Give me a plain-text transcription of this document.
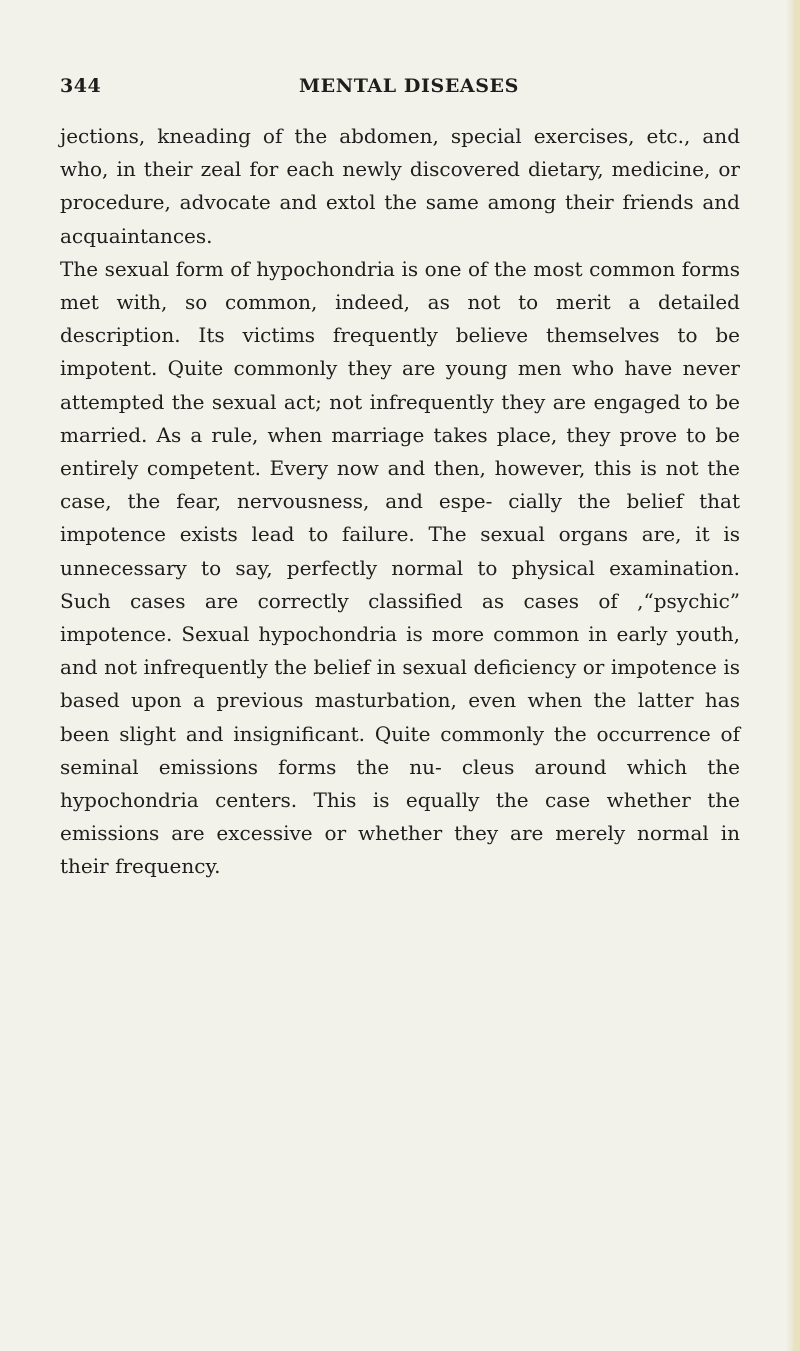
344	MENTAL DISEASES

jections, kneading of the abdomen, special exercises, etc., and who, in their zeal for each newly discovered dietary, medicine, or procedure, advocate and extol the same among their friends and acquaintances.

The sexual form of hypochondria is one of the most common forms met with, so common, indeed, as not to merit a detailed description. Its victims frequently believe themselves to be impotent. Quite commonly they are young men who have never attempted the sexual act; not infrequently they are engaged to be married. As a rule, when marriage takes place, they prove to be entirely competent. Every now and then, however, this is not the case, the fear, nervousness, and espe- cially the belief that impotence exists lead to failure. The sexual organs are, it is unnecessary to say, perfectly normal to physical examination. Such cases are correctly classified as cases of ,“psychic” impotence. Sexual hypochondria is more common in early youth, and not infrequently the belief in sexual deficiency or impotence is based upon a previous masturbation, even when the latter has been slight and insignificant. Quite commonly the occurrence of seminal emissions forms the nu- cleus around which the hypochondria centers. This is equally the case whether the emissions are excessive or whether they are merely normal in their frequency.
